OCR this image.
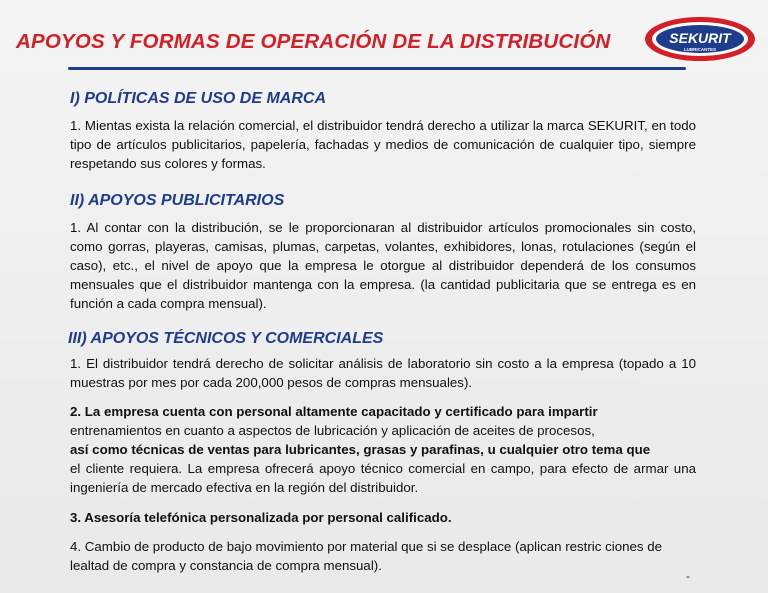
APOYOS Y FORMAS DE OPERACIÓN DE LA DISTRIBUCIÓN	SEKURIT
LUBRICANTES
I) POLÍTICAS DE USO DE MARCA

1. Mientas exista la relación comercial, el distribuidor tendrá derecho a utilizar la marca SEKURIT, en todo tipo de artículos publicitarios, papelería, fachadas y medios de comunicación de cualquier tipo, siempre respetando sus colores y formas.

II) APOYOS PUBLICITARIOS

1. Al contar con la distribución, se le proporcionaran al distribuidor artículos promocionales sin costo, como gorras, playeras, camisas, plumas, carpetas, volantes, exhibidores, lonas, rotulaciones (según el caso), etc., el nivel de apoyo que la empresa le otorgue al distribuidor dependerá de los consumos mensuales que el distribuidor mantenga con la empresa. (la cantidad publicitaria que se entrega es en función a cada compra mensual).

III) APOYOS TÉCNICOS Y COMERCIALES

1. El distribuidor tendrá derecho de solicitar análisis de laboratorio sin costo a la empresa (topado a 10 muestras por mes por cada 200,000 pesos de compras mensuales).

2. La empresa cuenta con personal altamente capacitado y certificado para impartir

entrenamientos en cuanto a aspectos de lubricación y aplicación de aceites de procesos,

así como técnicas de ventas para lubricantes, grasas y parafinas, u cualquier otro tema que

el cliente requiera. La empresa ofrecerá apoyo técnico comercial en campo, para efecto de armar una ingeniería de mercado efectiva en la región del distribuidor.

3. Asesoría telefónica personalizada por personal calificado.

4. Cambio de producto de bajo movimiento por material que si se desplace (aplican restric ciones de lealtad de compra y constancia de compra mensual).

-
